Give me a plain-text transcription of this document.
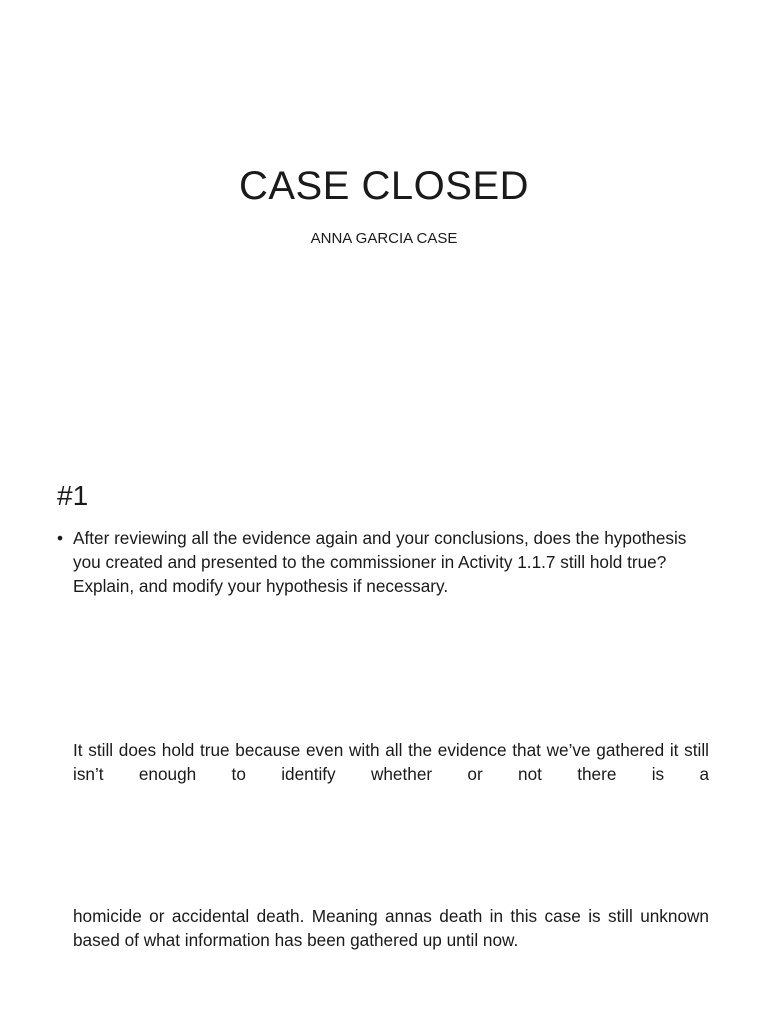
CASE CLOSED
ANNA GARCIA CASE
#1
• After reviewing all the evidence again and your conclusions, does the hypothesis you created and presented to the commissioner in Activity 1.1.7 still hold true? Explain, and modify your hypothesis if necessary.
It still does hold true because even with all the evidence that we’ve gathered it still isn’t enough to identify whether or not there is a
homicide or accidental death. Meaning annas death in this case is still unknown based of what information has been gathered up until now.
